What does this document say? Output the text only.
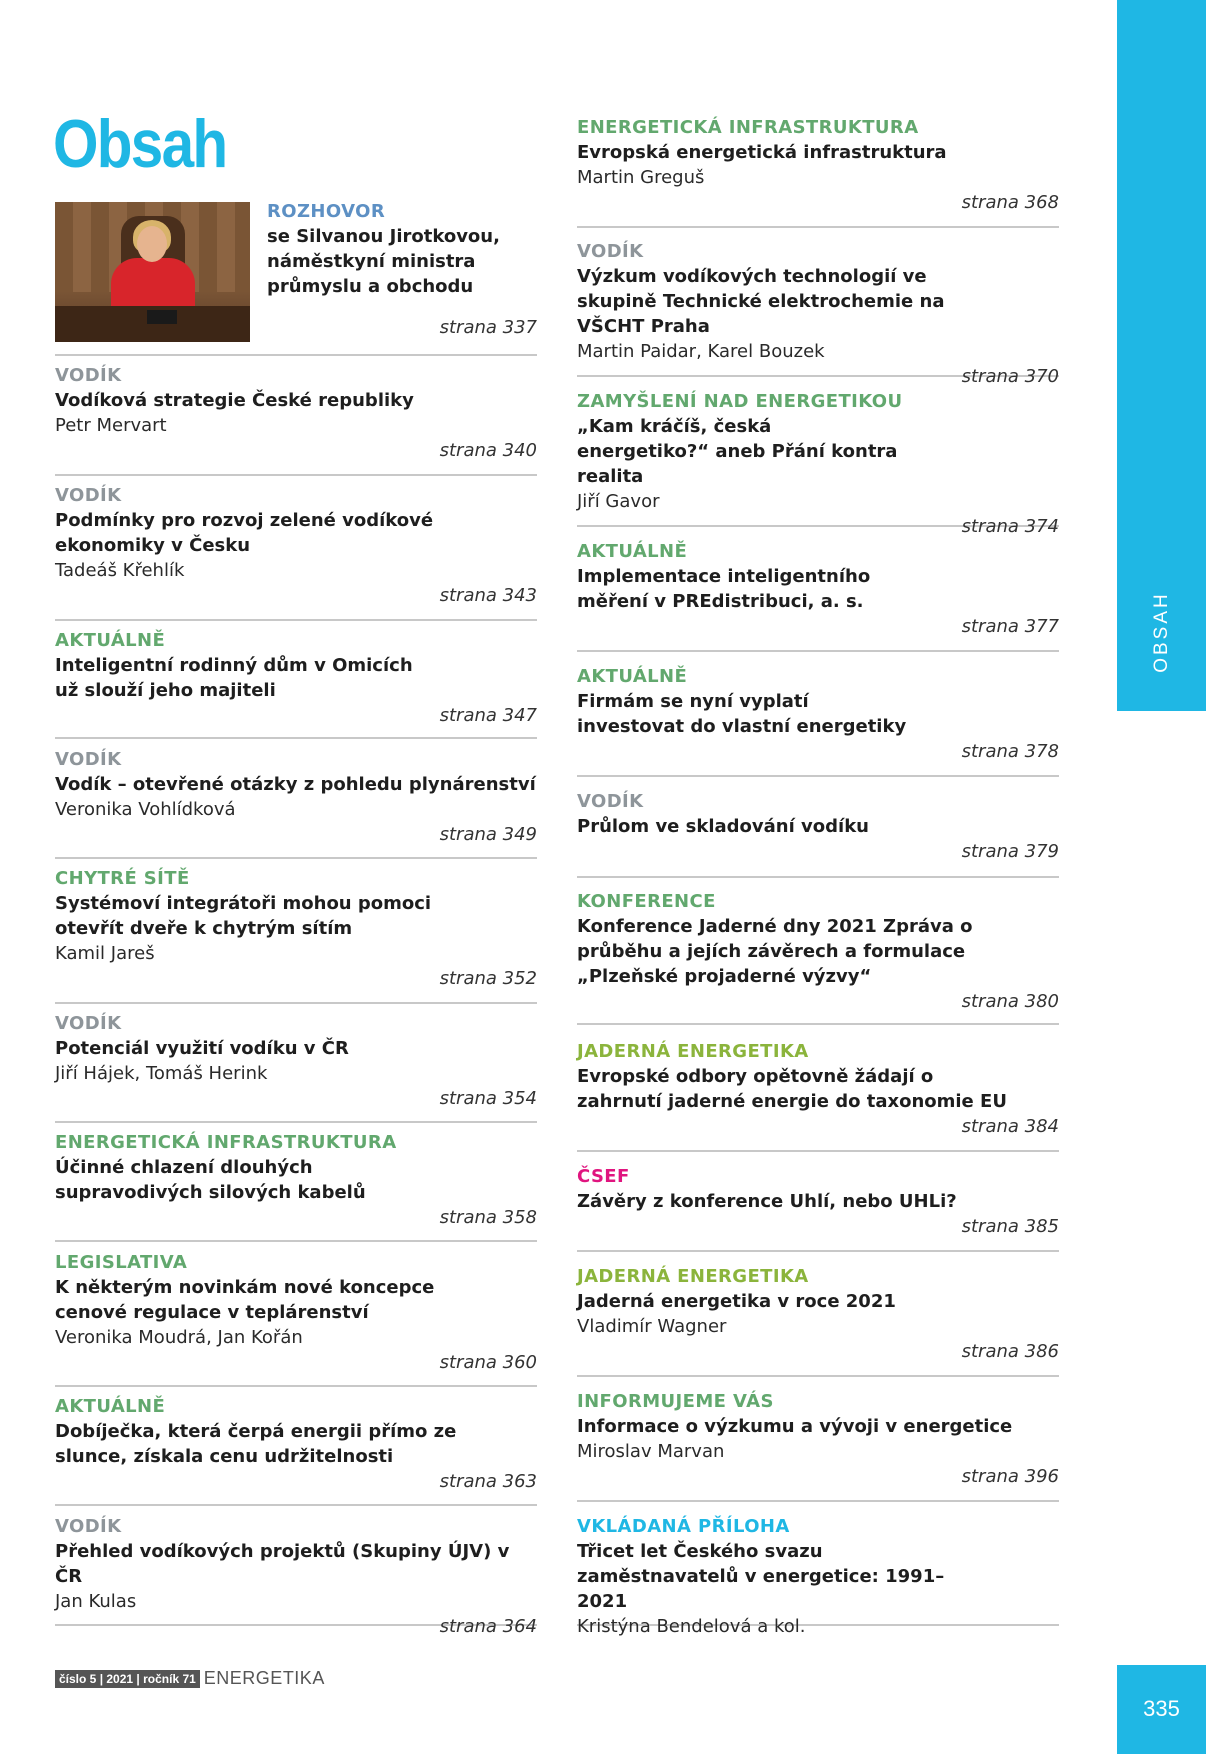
OBSAH
Obsah
ROZHOVOR
se Silvanou Jirotkovou, náměstkyní ministra průmyslu a obchodu
strana 337
VODÍK
Vodíková strategie České republiky
Petr Mervart
strana 340
VODÍK
Podmínky pro rozvoj zelené vodíkové ekonomiky v Česku
Tadeáš Křehlík
strana 343
AKTUÁLNĚ
Inteligentní rodinný dům v Omicích už slouží jeho majiteli
strana 347
VODÍK
Vodík – otevřené otázky z pohledu plynárenství
Veronika Vohlídková
strana 349
CHYTRÉ SÍTĚ
Systémoví integrátoři mohou pomoci otevřít dveře k chytrým sítím
Kamil Jareš
strana 352
VODÍK
Potenciál využití vodíku v ČR
Jiří Hájek, Tomáš Herink
strana 354
ENERGETICKÁ INFRASTRUKTURA
Účinné chlazení dlouhých supravodivých silových kabelů
strana 358
LEGISLATIVA
K některým novinkám nové koncepce cenové regulace v teplárenství
Veronika Moudrá, Jan Kořán
strana 360
AKTUÁLNĚ
Dobíječka, která čerpá energii přímo ze slunce, získala cenu udržitelnosti
strana 363
VODÍK
Přehled vodíkových projektů (Skupiny ÚJV) v ČR
Jan Kulas
strana 364
ENERGETICKÁ INFRASTRUKTURA
Evropská energetická infrastruktura
Martin Greguš
strana 368
VODÍK
Výzkum vodíkových technologií ve skupině Technické elektrochemie na VŠCHT Praha
Martin Paidar, Karel Bouzek
strana 370
ZAMYŠLENÍ NAD ENERGETIKOU
„Kam kráčíš, česká energetiko?“ aneb Přání kontra realita
Jiří Gavor
strana 374
AKTUÁLNĚ
Implementace inteligentního měření v PREdistribuci, a. s.
strana 377
AKTUÁLNĚ
Firmám se nyní vyplatí investovat do vlastní energetiky
strana 378
VODÍK
Průlom ve skladování vodíku
strana 379
KONFERENCE
Konference Jaderné dny 2021 Zpráva o průběhu a jejích závěrech a formulace „Plzeňské projaderné výzvy“
strana 380
JADERNÁ ENERGETIKA
Evropské odbory opětovně žádají o zahrnutí jaderné energie do taxonomie EU
strana 384
ČSEF
Závěry z konference Uhlí, nebo UHLi?
strana 385
JADERNÁ ENERGETIKA
Jaderná energetika v roce 2021
Vladimír Wagner
strana 386
INFORMUJEME VÁS
Informace o výzkumu a vývoji v energetice
Miroslav Marvan
strana 396
VKLÁDANÁ PŘÍLOHA
Třicet let Českého svazu zaměstnavatelů v energetice: 1991–2021
Kristýna Bendelová a kol.
číslo 5 | 2021 | ročník 71 ENERGETIKA
335
